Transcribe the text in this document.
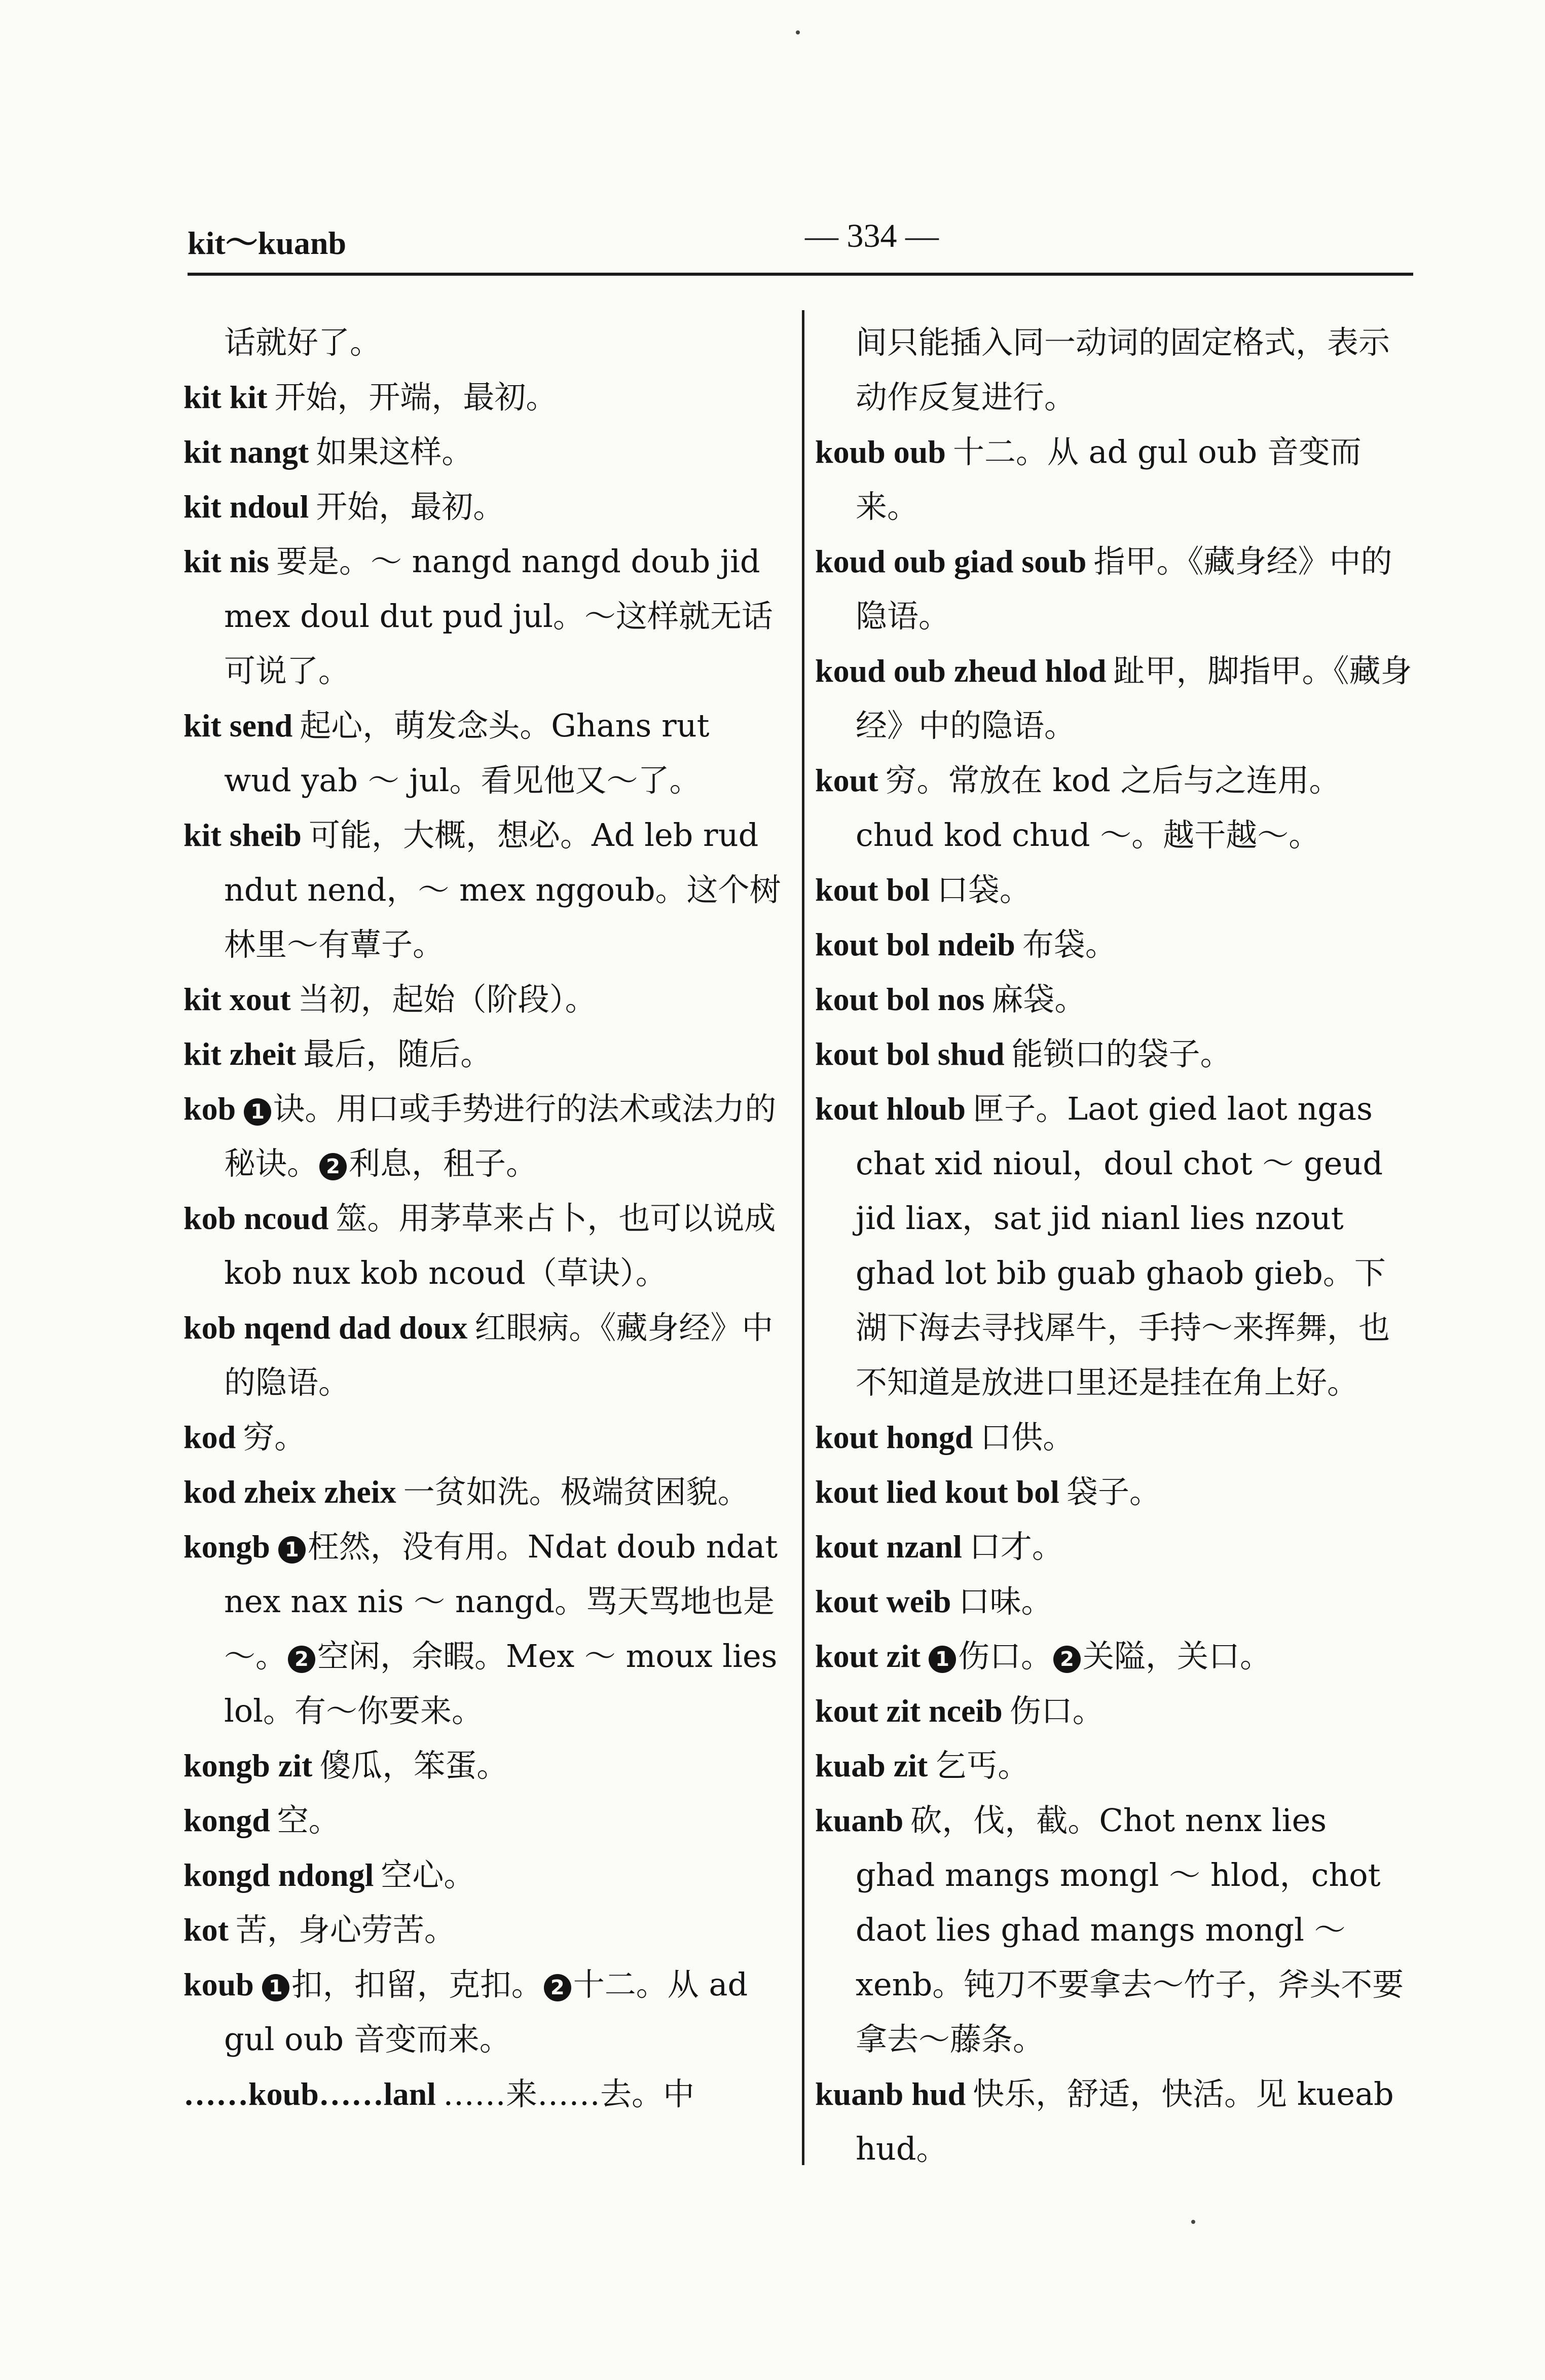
kit～kuanb	— 334 —
话就好了。
kit kit 开始，开端，最初。
kit nangt 如果这样。
kit ndoul 开始，最初。
kit nis 要是。～ nangd nangd doub jid mex doul dut pud jul。～这样就无话可说了。
kit send 起心，萌发念头。Ghans rut wud yab ～ jul。看见他又～了。
kit sheib 可能，大概，想必。Ad leb rud ndut nend，～ mex nggoub。这个树林里～有蕈子。
kit xout 当初，起始（阶段）。
kit zheit 最后，随后。
kob 1 诀。用口或手势进行的法术或法力的秘诀。 2 利息，租子。
kob ncoud 筮。用茅草来占卜，也可以说成 kob nux kob ncoud（草诀）。
kob nqend dad doux 红眼病。《藏身经》中的隐语。
kod 穷。
kod zheix zheix 一贫如洗。极端贫困貌。
kongb 1 枉然，没有用。Ndat doub ndat nex nax nis ～ nangd。骂天骂地也是～。 2 空闲，余暇。Mex ～ moux lies lol。有～你要来。
kongb zit 傻瓜，笨蛋。
kongd 空。
kongd ndongl 空心。
kot 苦，身心劳苦。
koub 1 扣，扣留，克扣。 2 十二。从 ad gul oub 音变而来。
……koub……lanl ……来……去。中
间只能插入同一动词的固定格式，表示动作反复进行。
koub oub 十二。从 ad gul oub 音变而来。
koud oub giad soub 指甲。《藏身经》中的隐语。
koud oub zheud hlod 趾甲，脚指甲。《藏身经》中的隐语。
kout 穷。常放在 kod 之后与之连用。chud kod chud ～。越干越～。
kout bol 口袋。
kout bol ndeib 布袋。
kout bol nos 麻袋。
kout bol shud 能锁口的袋子。
kout hloub 匣子。Laot gied laot ngas chat xid nioul，doul chot ～ geud jid liax，sat jid nianl lies nzout ghad lot bib guab ghaob gieb。下湖下海去寻找犀牛，手持～来挥舞，也不知道是放进口里还是挂在角上好。
kout hongd 口供。
kout lied kout bol 袋子。
kout nzanl 口才。
kout weib 口味。
kout zit 1 伤口。 2 关隘，关口。
kout zit nceib 伤口。
kuab zit 乞丐。
kuanb 砍，伐，截。Chot nenx lies ghad mangs mongl ～ hlod，chot daot lies ghad mangs mongl ～ xenb。钝刀不要拿去～竹子，斧头不要拿去～藤条。
kuanb hud 快乐，舒适，快活。见 kueab hud。
